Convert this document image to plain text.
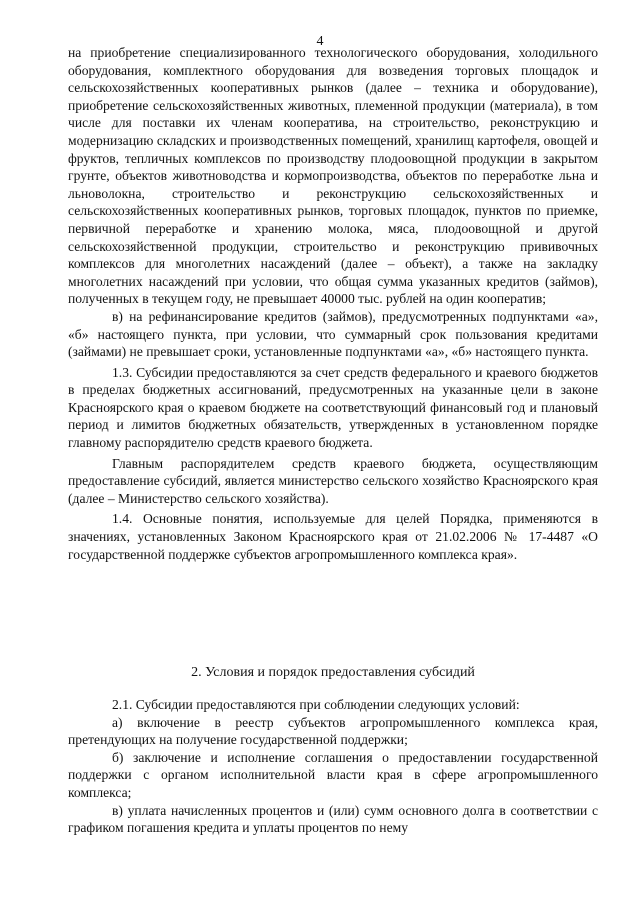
4

на приобретение специализированного технологического оборудования, холодильного оборудования, комплектного оборудования для возведения торговых площадок и сельскохозяйственных кооперативных рынков (далее – техника и оборудование), приобретение сельскохозяйственных животных, племенной продукции (материала), в том числе для поставки их членам кооператива, на строительство, реконструкцию и модернизацию складских и производственных помещений, хранилищ картофеля, овощей и фруктов, тепличных комплексов по производству плодоовощной продукции в закрытом грунте, объектов животноводства и кормопроизводства, объектов по переработке льна и льноволокна, строительство и реконструкцию сельскохозяйственных и сельскохозяйственных кооперативных рынков, торговых площадок, пунктов по приемке, первичной переработке и хранению молока, мяса, плодоовощной и другой сельскохозяйственной продукции, строительство и реконструкцию прививочных комплексов для многолетних насаждений (далее – объект), а также на закладку многолетних насаждений при условии, что общая сумма указанных кредитов (займов), полученных в текущем году, не превышает 40000 тыс. рублей на один кооператив;

в) на рефинансирование кредитов (займов), предусмотренных подпунктами «а», «б» настоящего пункта, при условии, что суммарный срок пользования кредитами (займами) не превышает сроки, установленные подпунктами «а», «б» настоящего пункта.

1.3. Субсидии предоставляются за счет средств федерального и краевого бюджетов в пределах бюджетных ассигнований, предусмотренных на указанные цели в законе Красноярского края о краевом бюджете на соответствующий финансовый год и плановый период и лимитов бюджетных обязательств, утвержденных в установленном порядке главному распорядителю средств краевого бюджета.

Главным распорядителем средств краевого бюджета, осуществляющим предоставление субсидий, является министерство сельского хозяйство Красноярского края (далее – Министерство сельского хозяйства).

1.4. Основные понятия, используемые для целей Порядка, применяются в значениях, установленных Законом Красноярского края от 21.02.2006 № 17-4487 «О государственной поддержке субъектов агропромышленного комплекса края».

2. Условия и порядок предоставления субсидий

2.1. Субсидии предоставляются при соблюдении следующих условий:

а) включение в реестр субъектов агропромышленного комплекса края, претендующих на получение государственной поддержки;

б) заключение и исполнение соглашения о предоставлении государственной поддержки с органом исполнительной власти края в сфере агропромышленного комплекса;

в) уплата начисленных процентов и (или) сумм основного долга в соответствии с графиком погашения кредита и уплаты процентов по нему
